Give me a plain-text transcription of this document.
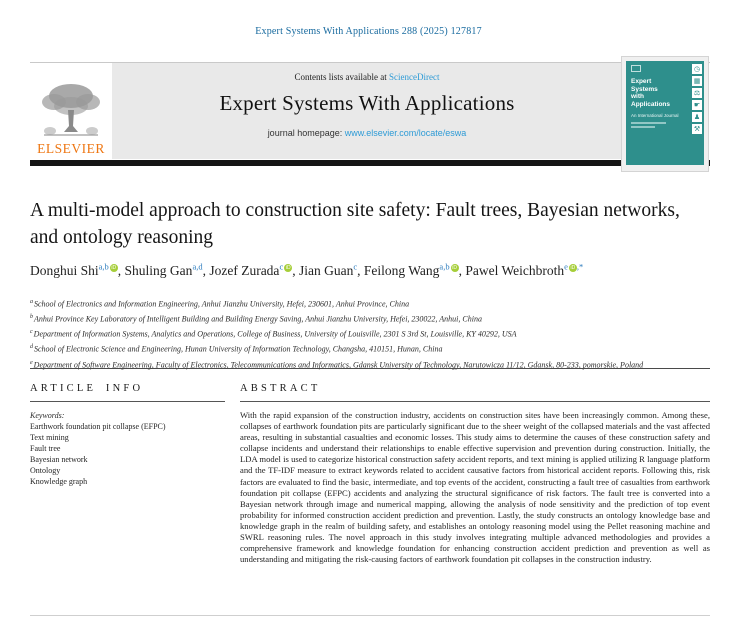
Expert Systems With Applications 288 (2025) 127817
ELSEVIER
Contents lists available at ScienceDirect
Expert Systems With Applications
journal homepage: www.elsevier.com/locate/eswa
Expert
Systems
with
Applications
An International Journal
◷
▦
⚖
☛
♟
⚒
A multi-model approach to construction site safety: Fault trees, Bayesian networks, and ontology reasoning
Donghui Shi$^{a,b}$ iD , Shuling Gan$^{a,d}$, Jozef Zurada$^c$ iD , Jian Guan$^c$, Feilong Wang$^{a,b}$ iD , Pawel Weichbroth$^e$ iD ,*
$^a$School of Electronics and Information Engineering, Anhui Jianzhu University, Hefei, 230601, Anhui Province, China
$^b$Anhui Province Key Laboratory of Intelligent Building and Building Energy Saving, Anhui Jianzhu University, Hefei, 230022, Anhui, China
$^c$Department of Information Systems, Analytics and Operations, College of Business, University of Louisville, 2301 S 3rd St, Louisville, KY 40292, USA
$^d$School of Electronic Science and Engineering, Hunan University of Information Technology, Changsha, 410151, Hunan, China
$^e$Department of Software Engineering, Faculty of Electronics, Telecommunications and Informatics, Gdansk University of Technology, Narutowicza 11/12, Gdansk, 80-233, pomorskie, Poland
ARTICLE INFO
Keywords:
Earthwork foundation pit collapse (EFPC)
Text mining
Fault tree
Bayesian network
Ontology
Knowledge graph
ABSTRACT
With the rapid expansion of the construction industry, accidents on construction sites have been increasingly common. Among these, collapses of earthwork foundation pits are particularly significant due to the sheer weight of the collapsed materials and the vast affected areas, resulting in substantial casualties and economic losses. This study aims to determine the causes of these construction safety and collapse incidents and understand their relationships to enable effective supervision and prevention during construction. Initially, the LDA model is used to categorize historical construction safety accident reports, and text mining is applied utilizing R language platform and the TF-IDF measure to extract keywords related to accident causative factors from historical accident reports. Following this, risk factors are evaluated to find the basic, intermediate, and top events of the accident, constructing a fault tree of casualties from earthwork foundation pit collapse (EFPC) accidents and analyzing the structural significance of risk factors. The fault tree is converted into a Bayesian network through image and numerical mapping, allowing the analysis of node sensitivity and the prediction of top event probability for informed construction accident prediction and prevention. Lastly, the study constructs an ontology knowledge base and knowledge graph in the realm of building safety, and establishes an ontology reasoning model using the Pellet reasoning machine and SWRL reasoning rules. The novel approach in this study involves integrating multiple advanced methodologies and provides a comprehensive framework and knowledge foundation for enhancing construction accident prediction and prevention as well as understanding and mitigating the risk-causing factors of earthwork foundation pit collapses in the construction industry.
